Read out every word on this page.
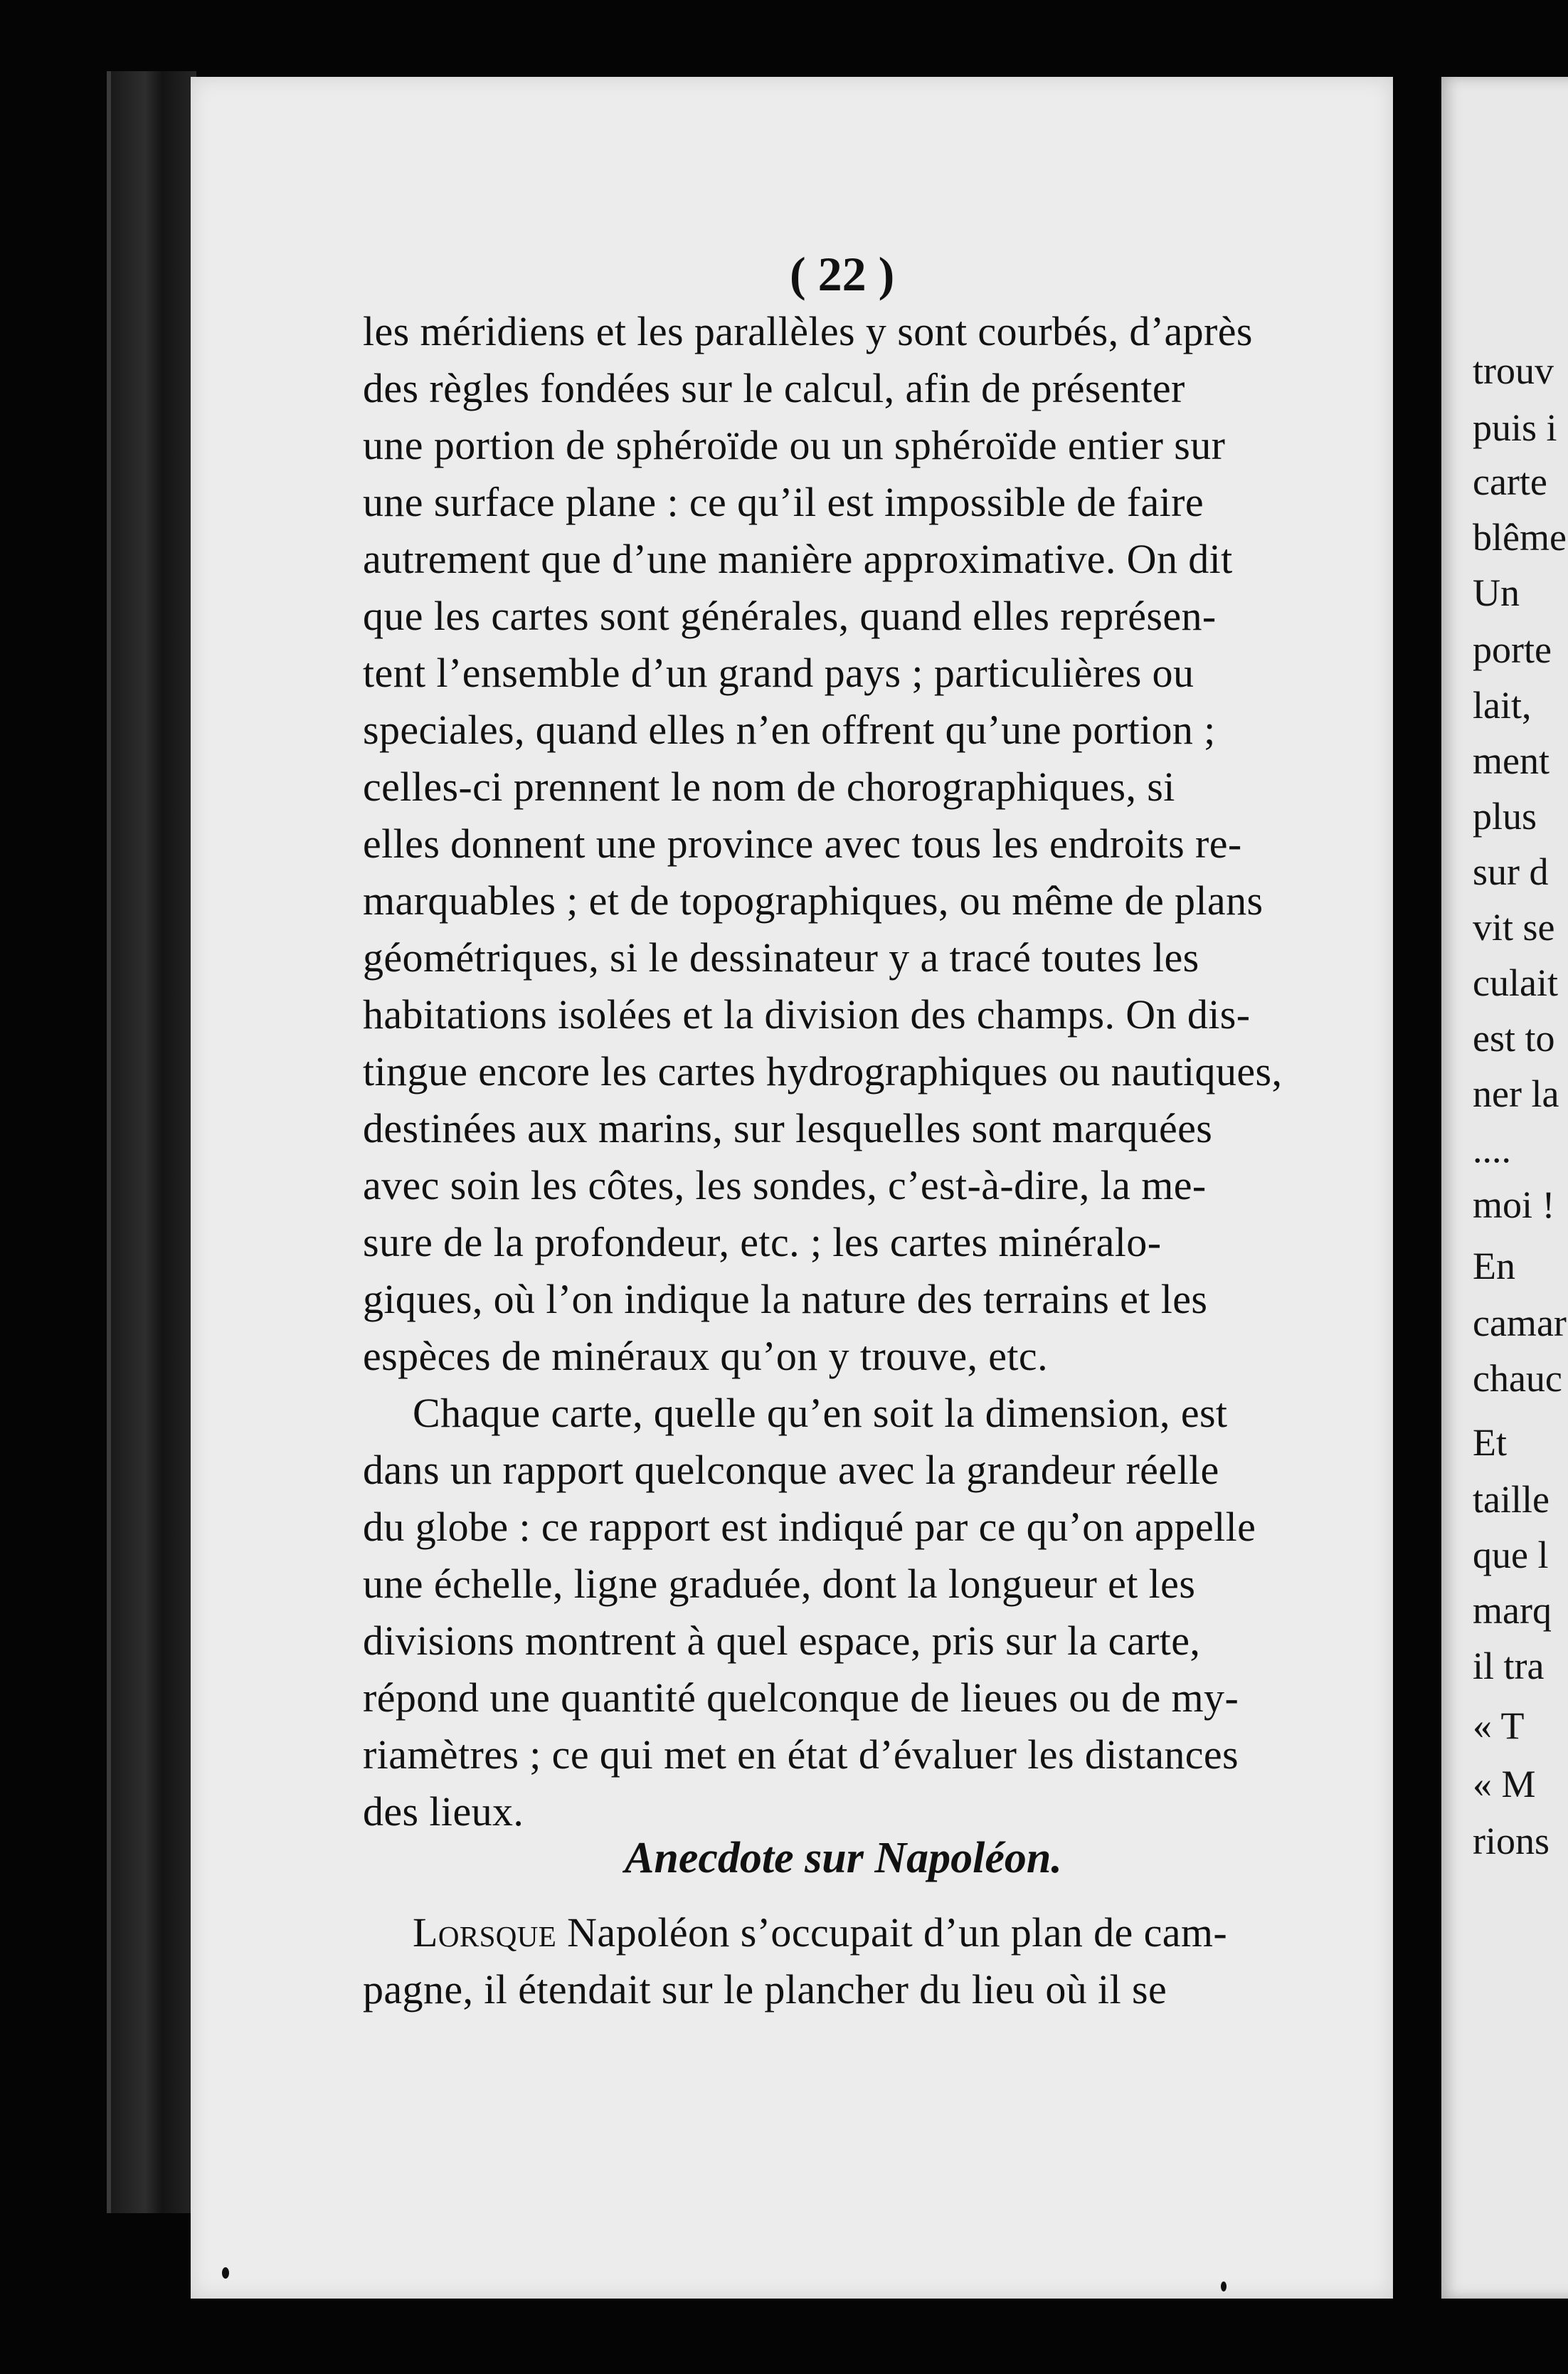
( 22 )
les méridiens et les parallèles y sont courbés, d’après
des règles fondées sur le calcul, afin de présenter
une portion de sphéroïde ou un sphéroïde entier sur
une surface plane : ce qu’il est impossible de faire
autrement que d’une manière approximative. On dit
que les cartes sont générales, quand elles représen-
tent l’ensemble d’un grand pays ; particulières ou
speciales, quand elles n’en offrent qu’une portion ;
celles-ci prennent le nom de chorographiques, si
elles donnent une province avec tous les endroits re-
marquables ; et de topographiques, ou même de plans
géométriques, si le dessinateur y a tracé toutes les
habitations isolées et la division des champs. On dis-
tingue encore les cartes hydrographiques ou nautiques,
destinées aux marins, sur lesquelles sont marquées
avec soin les côtes, les sondes, c’est-à-dire, la me-
sure de la profondeur, etc. ; les cartes minéralo-
giques, où l’on indique la nature des terrains et les
espèces de minéraux qu’on y trouve, etc.
Chaque carte, quelle qu’en soit la dimension, est
dans un rapport quelconque avec la grandeur réelle
du globe : ce rapport est indiqué par ce qu’on appelle
une échelle, ligne graduée, dont la longueur et les
divisions montrent à quel espace, pris sur la carte,
répond une quantité quelconque de lieues ou de my-
riamètres ; ce qui met en état d’évaluer les distances
des lieux.
Anecdote sur Napoléon.
Lorsque Napoléon s’occupait d’un plan de cam-
pagne, il étendait sur le plancher du lieu où il se
trouv
puis i
carte
blême
Un
porte
lait,
ment
plus
sur d
vit se
culait
est to
ner la
....
moi !
En
camar
chauc
Et
taille
que l
marq
il tra
« T
« M
rions
